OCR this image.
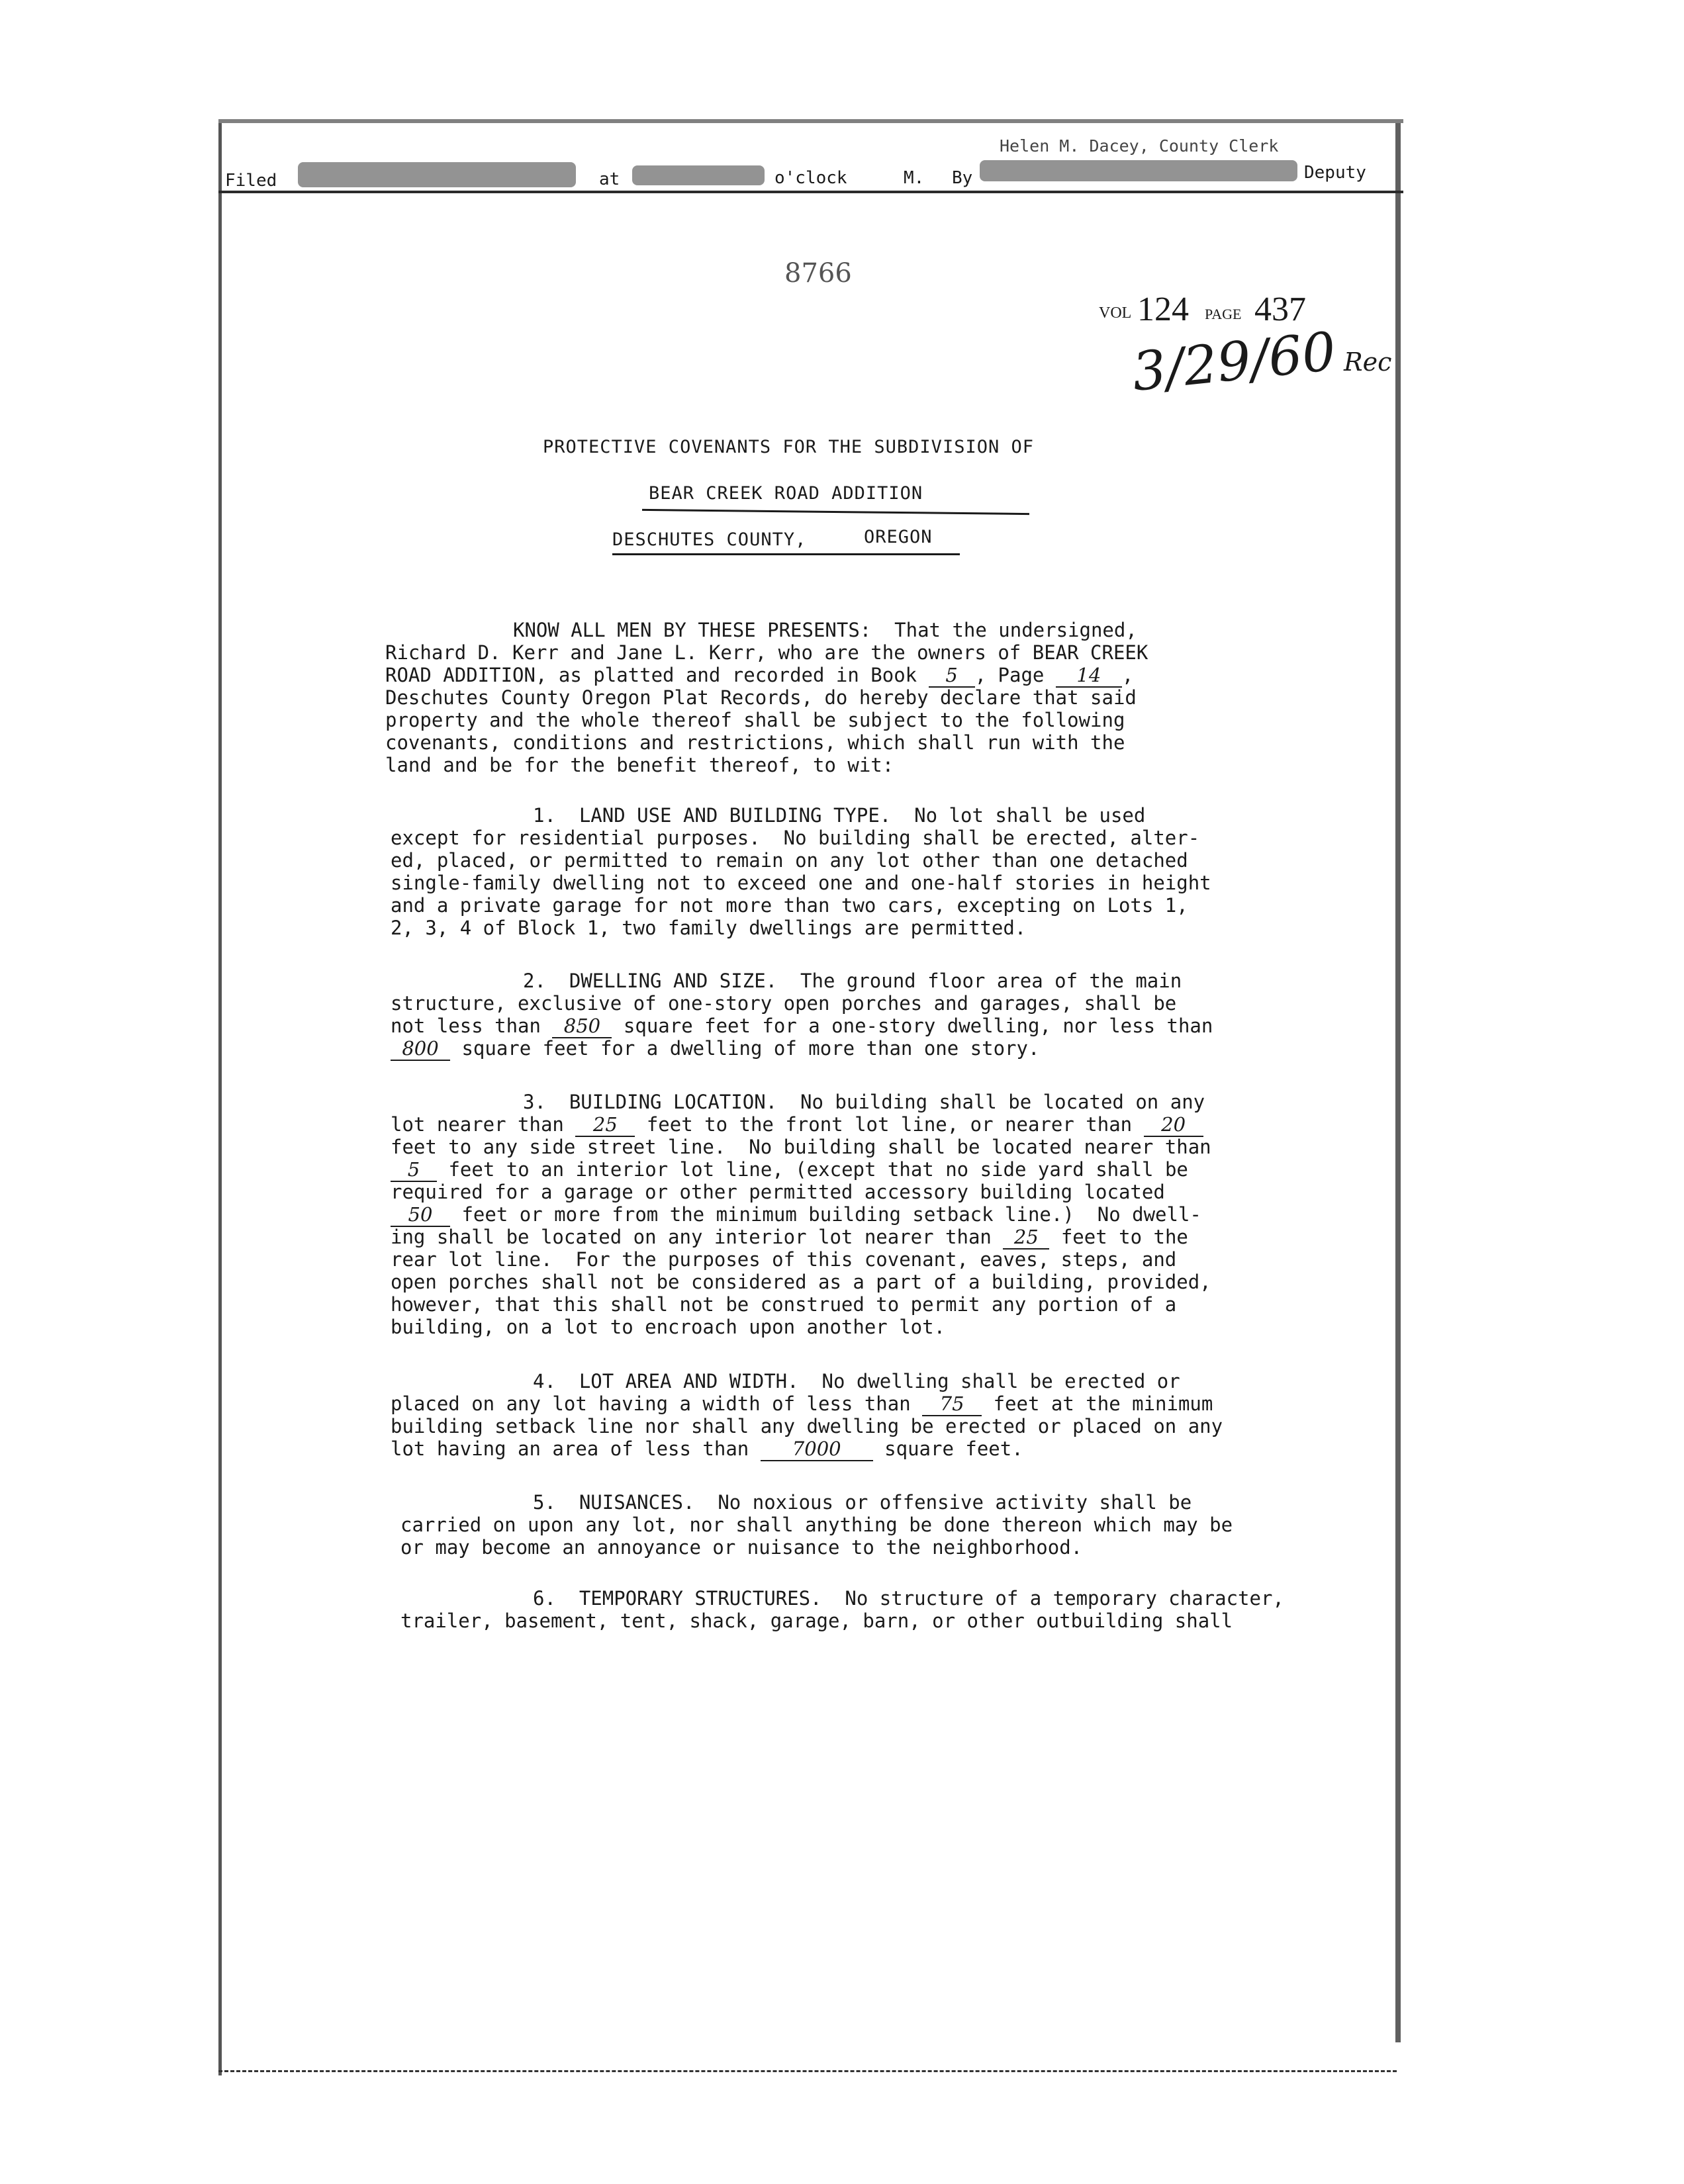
Filed	at	o'clock	M. By
Helen M. Dacey, County Clerk
Deputy
8766
VOL 124 PAGE 437
3/29/60 Rec
PROTECTIVE COVENANTS FOR THE SUBDIVISION OF
BEAR CREEK ROAD ADDITION
DESCHUTES COUNTY,	OREGON
KNOW ALL MEN BY THESE PRESENTS:  That the undersigned,
Richard D. Kerr and Jane L. Kerr, who are the owners of BEAR CREEK
ROAD ADDITION, as platted and recorded in Book 5 , Page 14 ,
Deschutes County Oregon Plat Records, do hereby declare that said
property and the whole thereof shall be subject to the following
covenants, conditions and restrictions, which shall run with the
land and be for the benefit thereof, to wit:
1.  LAND USE AND BUILDING TYPE.  No lot shall be used
except for residential purposes.  No building shall be erected, alter-
ed, placed, or permitted to remain on any lot other than one detached
single-family dwelling not to exceed one and one-half stories in height
and a private garage for not more than two cars, excepting on Lots 1,
2, 3, 4 of Block 1, two family dwellings are permitted.
2.  DWELLING AND SIZE.  The ground floor area of the main
structure, exclusive of one-story open porches and garages, shall be
not less than 850 square feet for a one-story dwelling, nor less than
800 square feet for a dwelling of more than one story.
3.  BUILDING LOCATION.  No building shall be located on any
lot nearer than 25 feet to the front lot line, or nearer than 20
feet to any side street line.  No building shall be located nearer than
5 feet to an interior lot line, (except that no side yard shall be
required for a garage or other permitted accessory building located
50 feet or more from the minimum building setback line.)  No dwell-
ing shall be located on any interior lot nearer than 25 feet to the
rear lot line.  For the purposes of this covenant, eaves, steps, and
open porches shall not be considered as a part of a building, provided,
however, that this shall not be construed to permit any portion of a
building, on a lot to encroach upon another lot.
4.  LOT AREA AND WIDTH.  No dwelling shall be erected or
placed on any lot having a width of less than 75 feet at the minimum
building setback line nor shall any dwelling be erected or placed on any
lot having an area of less than 7000 square feet.
5.  NUISANCES.  No noxious or offensive activity shall be
carried on upon any lot, nor shall anything be done thereon which may be
or may become an annoyance or nuisance to the neighborhood.
6.  TEMPORARY STRUCTURES.  No structure of a temporary character,
trailer, basement, tent, shack, garage, barn, or other outbuilding shall
